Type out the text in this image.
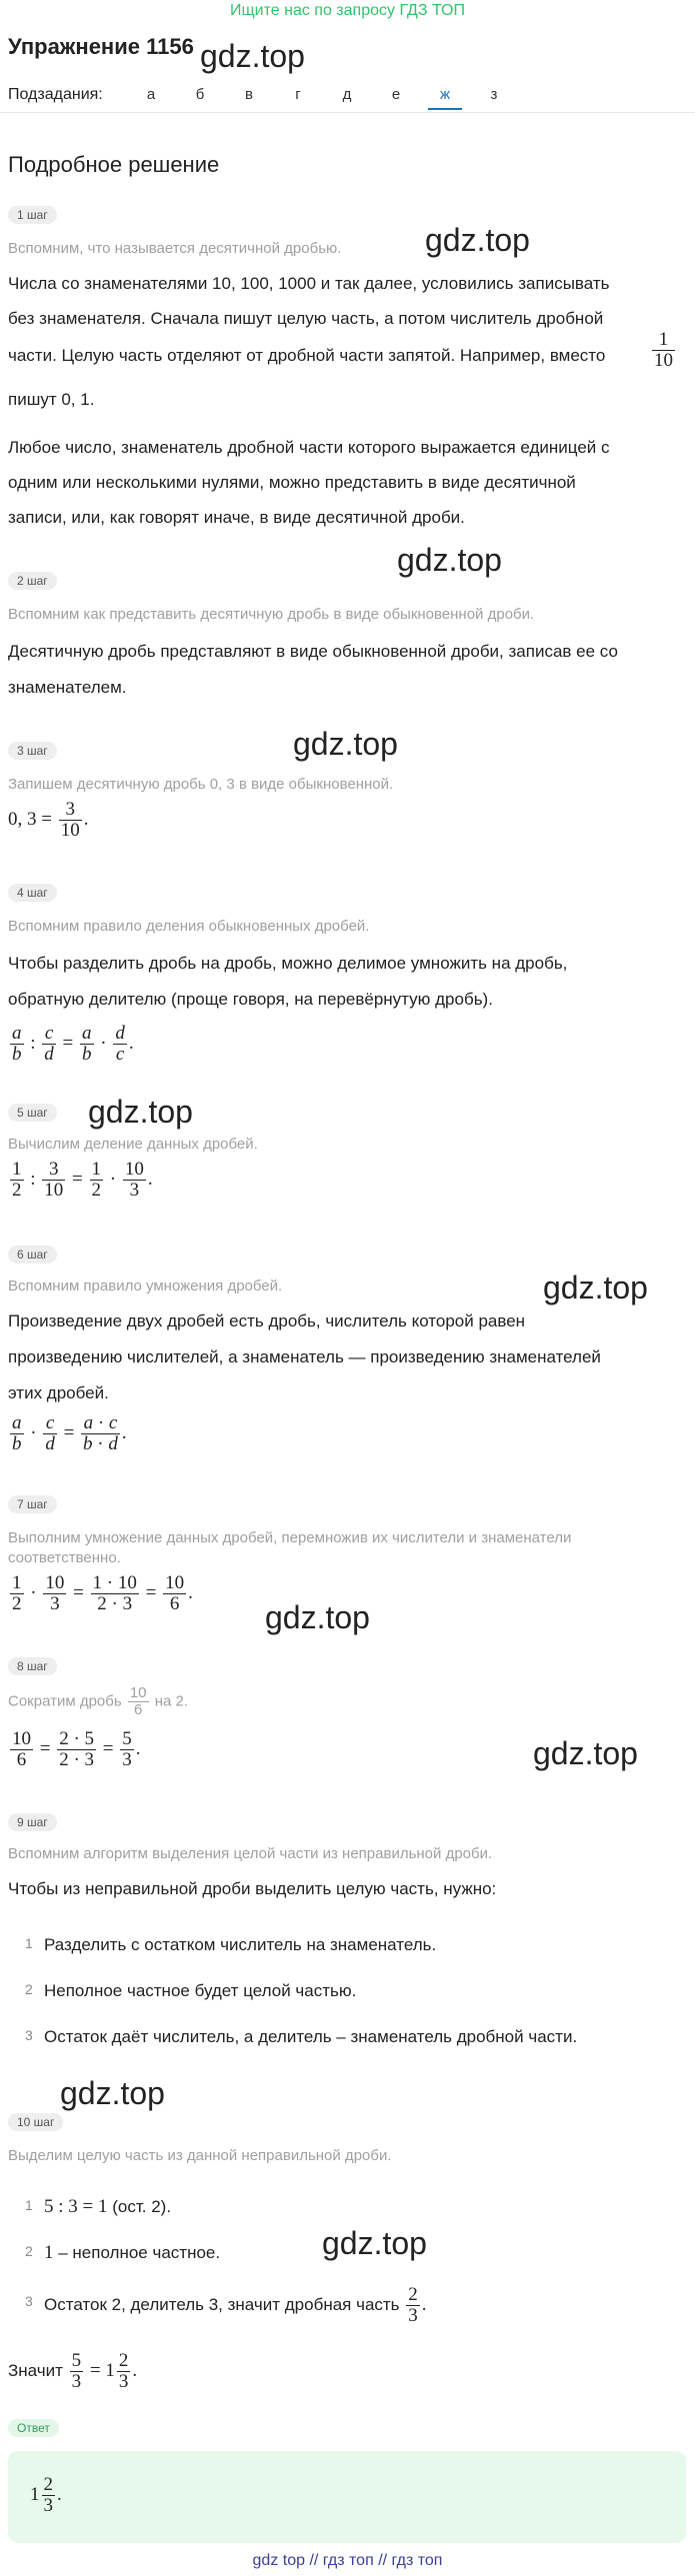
Ищите нас по запросу ГДЗ ТОП
Упражнение 1156 gdz.top
Подзадания:	а	б	в	г	д	е	ж	з
Подробное решение
1 шаг
Вспомним, что называется десятичной дробью.	gdz.top
Числа со знаменателями 10, 100, 1000 и так далее, условились записывать
без знаменателя. Сначала пишут целую часть, а потом числитель дробной
части. Целую часть отделяют от дробной части запятой. Например, вместо	$\frac{1}{10}$
пишут 0, 1.
Любое число, знаменатель дробной части которого выражается единицей с
одним или несколькими нулями, можно представить в виде десятичной
записи, или, как говорят иначе, в виде десятичной дроби.
gdz.top
2 шаг
Вспомним как представить десятичную дробь в виде обыкновенной дроби.
Десятичную дробь представляют в виде обыкновенной дроби, записав ее со
знаменателем.
gdz.top
3 шаг
Запишем десятичную дробь 0, 3 в виде обыкновенной.
0, $3 = \frac{3}{10}$ .
4 шаг
Вспомним правило деления обыкновенных дробей.
Чтобы разделить дробь на дробь, можно делимое умножить на дробь,
обратную делителю (проще говоря, на перевёрнутую дробь).
$\frac{a}{b}$ : $\frac{c}{d} = \frac{a}{b} \cdot \frac{d}{c}$ .
gdz.top
5 шаг
Вычислим деление данных дробей.
$\frac{1}{2}$ : $\frac{3}{10} = \frac{1}{2} \cdot \frac{10}{3}$ .
6 шаг
gdz.top
Вспомним правило умножения дробей.
Произведение двух дробей есть дробь, числитель которой равен
произведению числителей, а знаменатель — произведению знаменателей
этих дробей.
$\frac{a}{b} \cdot \frac{c}{d} = \frac{a \cdot c}{b \cdot d}$ .
7 шаг
Выполним умножение данных дробей, перемножив их числители и знаменатели
соответственно.
$\frac{1}{2} \cdot \frac{10}{3} = \frac{1 \cdot 10}{2 \cdot 3} = \frac{10}{6}$ .
gdz.top
8 шаг
Сократим дробь $\frac{10}{6}$ на 2.
$\frac{10}{6} = \frac{2 \cdot 5}{2 \cdot 3} = \frac{5}{3}$ .	gdz.top
9 шаг
Вспомним алгоритм выделения целой части из неправильной дроби.
Чтобы из неправильной дроби выделить целую часть, нужно:
1 Разделить с остатком числитель на знаменатель.
2 Неполное частное будет целой частью.
3 Остаток даёт числитель, а делитель – знаменатель дробной части.
gdz.top
10 шаг
Выделим целую часть из данной неправильной дроби.
1 5 : 3 = 1 (ост. 2).
2 1 – неполное частное.	gdz.top
3 Остаток 2, делитель 3, значит дробная часть $\frac{2}{3}$ .
Значит $\frac{5}{3} = 1 \frac{2}{3}$ .
Ответ
$1 \frac{2}{3}$ .
gdz top // гдз топ // гдз топ
